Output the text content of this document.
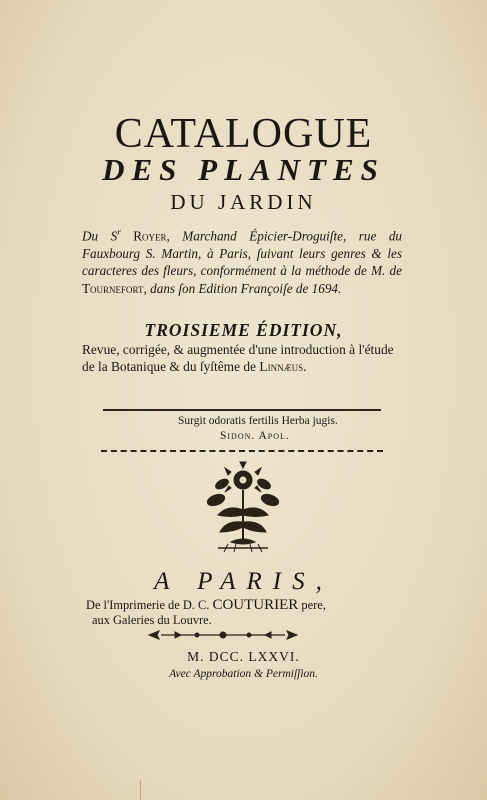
CATALOGUE
DES PLANTES
DU JARDIN
Du $S^r$ Royer, Marchand Épicier-Droguiſte, rue du Fauxbourg S. Martin, à Paris, ſuivant leurs genres & les caracteres des fleurs, conformément à la méthode de M. de Tournefort, dans ſon Edition Françoiſe de 1694.
TROISIEME ÉDITION,
Revue, corrigée, & augmentée d'une introduction à l'étude de la Botanique & du ſyſtême de Linnæus.
Surgit odoratis fertilis Herba jugis.
Sidon. Apol.
A PARIS,
De l'Imprimerie de D. C. COUTURIER pere,
aux Galeries du Louvre.
M. DCC. LXXVI.
Avec Approbation & Permiſſion.
